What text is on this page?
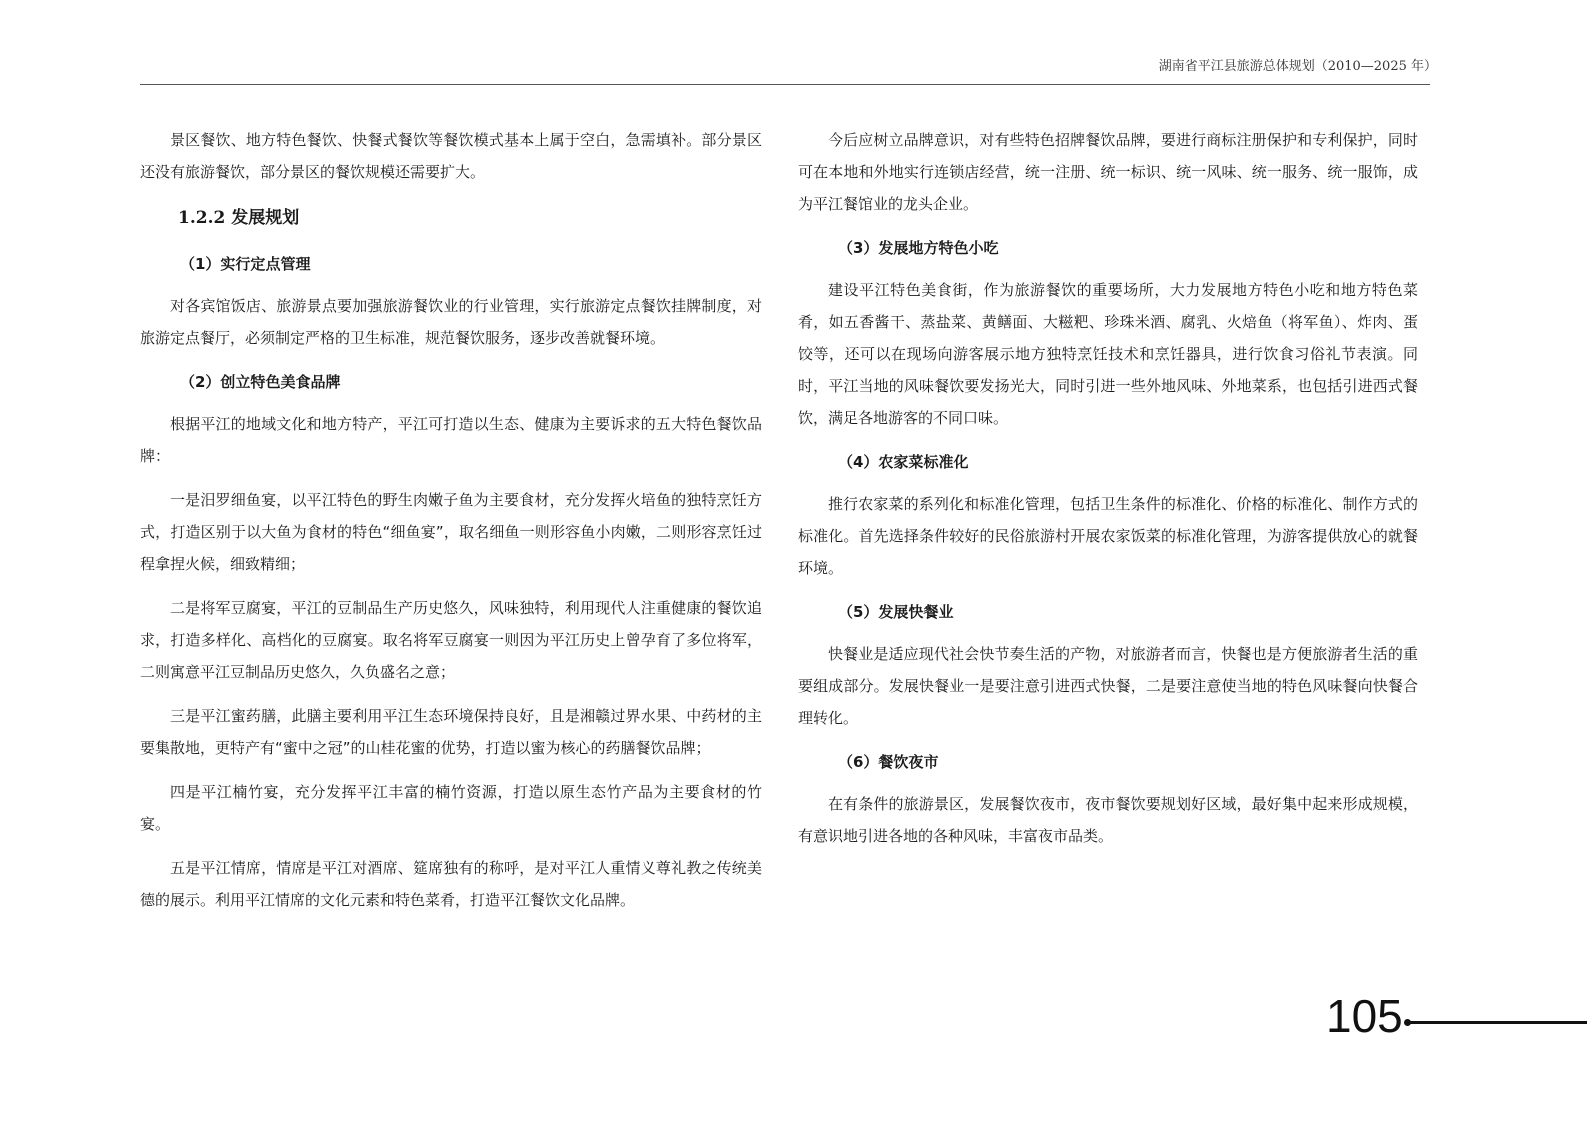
湖南省平江县旅游总体规划（2010—2025 年）

景区餐饮、地方特色餐饮、快餐式餐饮等餐饮模式基本上属于空白，急需填补。部分景区还没有旅游餐饮，部分景区的餐饮规模还需要扩大。

1.2.2 发展规划
（1）实行定点管理

对各宾馆饭店、旅游景点要加强旅游餐饮业的行业管理，实行旅游定点餐饮挂牌制度，对旅游定点餐厅，必须制定严格的卫生标准，规范餐饮服务，逐步改善就餐环境。

（2）创立特色美食品牌

根据平江的地域文化和地方特产，平江可打造以生态、健康为主要诉求的五大特色餐饮品牌：

一是汨罗细鱼宴，以平江特色的野生肉嫩子鱼为主要食材，充分发挥火培鱼的独特烹饪方式，打造区别于以大鱼为食材的特色“细鱼宴”，取名细鱼一则形容鱼小肉嫩，二则形容烹饪过程拿捏火候，细致精细；

二是将军豆腐宴，平江的豆制品生产历史悠久，风味独特，利用现代人注重健康的餐饮追求，打造多样化、高档化的豆腐宴。取名将军豆腐宴一则因为平江历史上曾孕育了多位将军，二则寓意平江豆制品历史悠久，久负盛名之意；

三是平江蜜药膳，此膳主要利用平江生态环境保持良好，且是湘赣过界水果、中药材的主要集散地，更特产有“蜜中之冠”的山桂花蜜的优势，打造以蜜为核心的药膳餐饮品牌；

四是平江楠竹宴，充分发挥平江丰富的楠竹资源，打造以原生态竹产品为主要食材的竹宴。

五是平江情席，情席是平江对酒席、筵席独有的称呼，是对平江人重情义尊礼教之传统美德的展示。利用平江情席的文化元素和特色菜肴，打造平江餐饮文化品牌。

今后应树立品牌意识，对有些特色招牌餐饮品牌，要进行商标注册保护和专利保护，同时可在本地和外地实行连锁店经营，统一注册、统一标识、统一风味、统一服务、统一服饰，成为平江餐馆业的龙头企业。

（3）发展地方特色小吃

建设平江特色美食街，作为旅游餐饮的重要场所，大力发展地方特色小吃和地方特色菜肴，如五香酱干、蒸盐菜、黄鳝面、大糍粑、珍珠米酒、腐乳、火焙鱼（将军鱼）、炸肉、蛋饺等，还可以在现场向游客展示地方独特烹饪技术和烹饪器具，进行饮食习俗礼节表演。同时，平江当地的风味餐饮要发扬光大，同时引进一些外地风味、外地菜系，也包括引进西式餐饮，满足各地游客的不同口味。

（4）农家菜标准化

推行农家菜的系列化和标准化管理，包括卫生条件的标准化、价格的标准化、制作方式的标准化。首先选择条件较好的民俗旅游村开展农家饭菜的标准化管理，为游客提供放心的就餐环境。

（5）发展快餐业

快餐业是适应现代社会快节奏生活的产物，对旅游者而言，快餐也是方便旅游者生活的重要组成部分。发展快餐业一是要注意引进西式快餐，二是要注意使当地的特色风味餐向快餐合理转化。

（6）餐饮夜市

在有条件的旅游景区，发展餐饮夜市，夜市餐饮要规划好区域，最好集中起来形成规模，有意识地引进各地的各种风味，丰富夜市品类。

105
